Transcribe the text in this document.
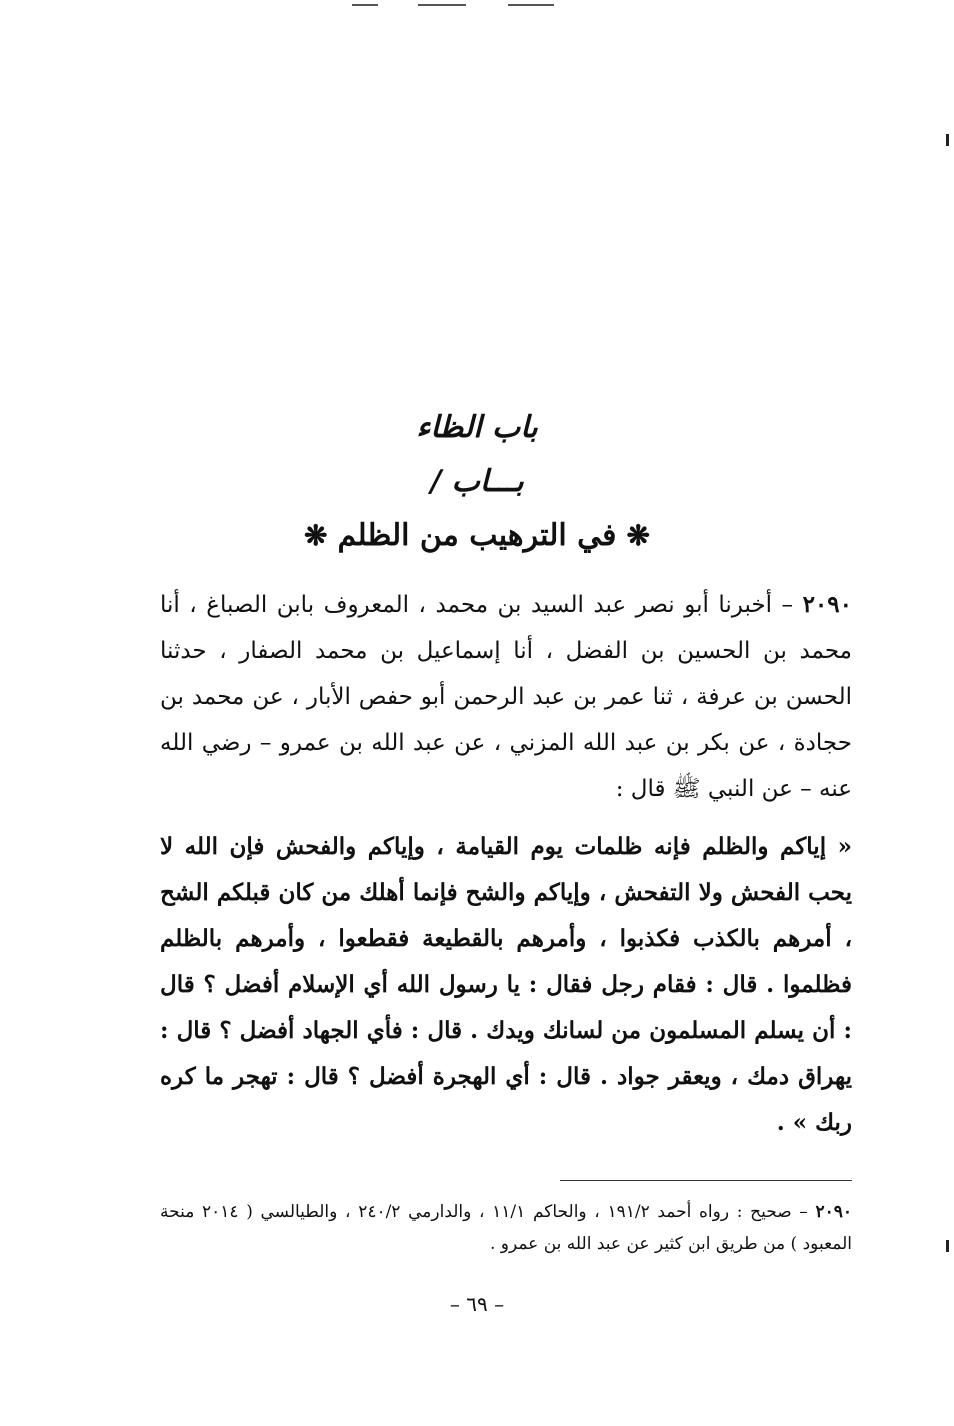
باب الظاء
بـــاب /
❋في الترهيب من الظلم❋
٢٠٩٠ – أخبرنا أبو نصر عبد السيد بن محمد ، المعروف بابن الصباغ ، أنا محمد بن الحسين بن الفضل ، أنا إسماعيل بن محمد الصفار ، حدثنا الحسن بن عرفة ، ثنا عمر بن عبد الرحمن أبو حفص الأبار ، عن محمد بن حجادة ، عن بكر بن عبد الله المزني ، عن عبد الله بن عمرو – رضي الله عنه – عن النبي ﷺ قال :
« إياكم والظلم فإنه ظلمات يوم القيامة ، وإياكم والفحش فإن الله لا يحب الفحش ولا التفحش ، وإياكم والشح فإنما أهلك من كان قبلكم الشح ، أمرهم بالكذب فكذبوا ، وأمرهم بالقطيعة فقطعوا ، وأمرهم بالظلم فظلموا . قال : فقام رجل فقال : يا رسول الله أي الإسلام أفضل ؟ قال : أن يسلم المسلمون من لسانك ويدك . قال : فأي الجهاد أفضل ؟ قال : يهراق دمك ، ويعقر جواد . قال : أي الهجرة أفضل ؟ قال : تهجر ما كره ربك » .
٢٠٩٠ – صحيح : رواه أحمد ١٩١/٢ ، والحاكم ١١/١ ، والدارمي ٢٤٠/٢ ، والطيالسي ( ٢٠١٤ منحة المعبود ) من طريق ابن كثير عن عبد الله بن عمرو .
– ٦٩ –
